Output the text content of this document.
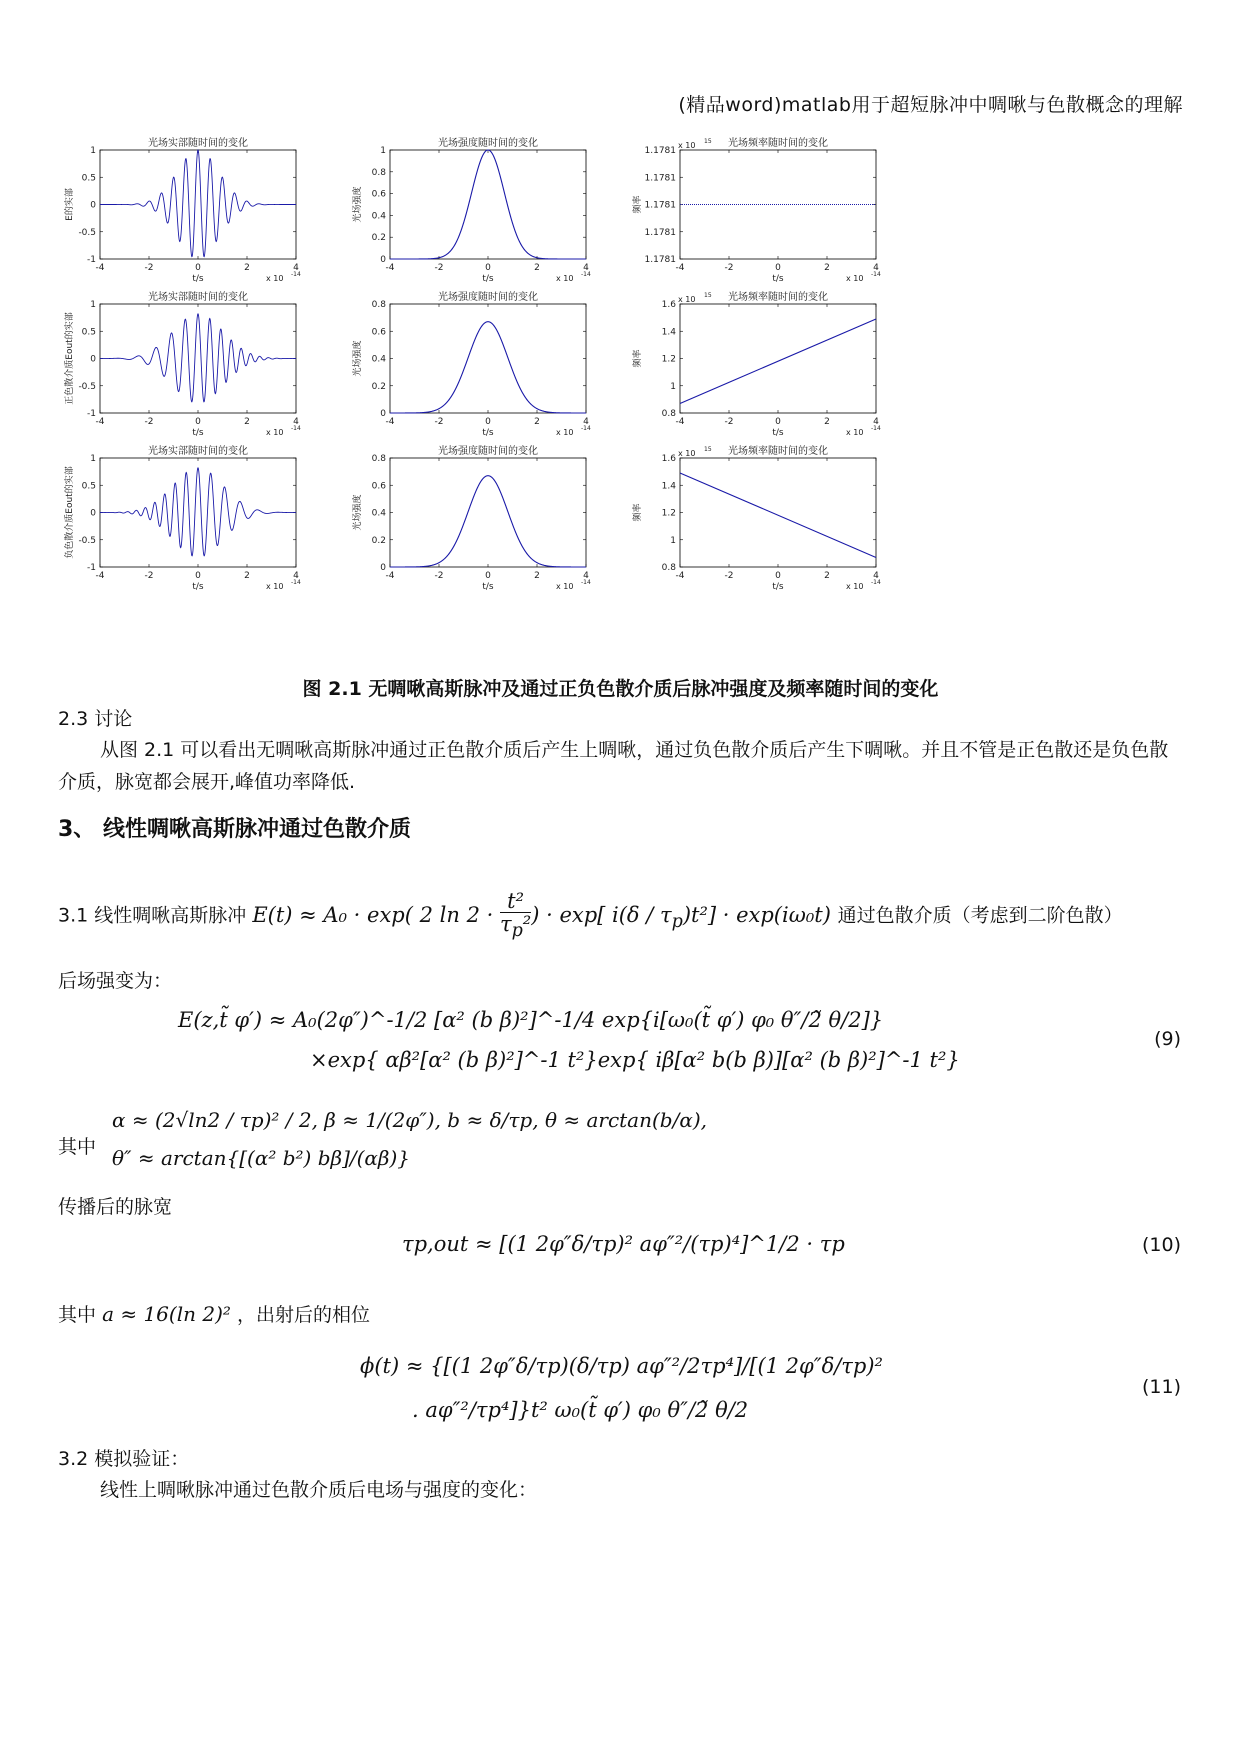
(精品word)matlab用于超短脉冲中啁啾与色散概念的理解
光场实部随时间的变化
-4	-2	0	2	4
t/s	x 10 -14
-1
-0.5
0
0.5
1
E的实部
光场强度随时间的变化
-4	-2	0	2	4
t/s	x 10 -14
0
0.2
0.4
0.6
0.8
1
光场强度
光场频率随时间的变化
-4	-2	0	2	4
t/s	x 10 -14
1.1781
1.1781
1.1781
1.1781
1.1781
x 10 15
频率
光场实部随时间的变化
-4	-2	0	2	4
t/s	x 10 -14
-1
-0.5
0
0.5
1
正色散介质Eout的实部
光场强度随时间的变化
-4	-2	0	2	4
t/s	x 10 -14
0
0.2
0.4
0.6
0.8
光场强度
光场频率随时间的变化
-4	-2	0	2	4
t/s	x 10 -14
0.8
1
1.2
1.4
1.6
x 10 15
频率
光场实部随时间的变化
-4	-2	0	2	4
t/s	x 10 -14
-1
-0.5
0
0.5
1
负色散介质Eout的实部
光场强度随时间的变化
-4	-2	0	2	4
t/s	x 10 -14
0
0.2
0.4
0.6
0.8
光场强度
光场频率随时间的变化
-4	-2	0	2	4
t/s	x 10 -14
0.8
1
1.2
1.4
1.6
x 10 15
频率
图 2.1 无啁啾高斯脉冲及通过正负色散介质后脉冲强度及频率随时间的变化
2.3 讨论
从图 2.1 可以看出无啁啾高斯脉冲通过正色散介质后产生上啁啾，通过负色散介质后产生下啁啾。并且不管是正色散还是负色散介质，脉宽都会展开,峰值功率降低.
3、 线性啁啾高斯脉冲通过色散介质
3.1 线性啁啾高斯脉冲 E(t) ≈ A₀ · exp( 2 $\ln 2 \cdot \frac{\text{t²}}{\tau_p^2}$ ) · exp[ $i(\delta / \tau_p)t^2] \cdot \exp(i\omega_0t)$ 通过色散介质（考虑到二阶色散）
后场强变为：
E(z,t̃ φ′) ≈ A₀(2φ″)^-1/2 [α² (b β)²]^-1/4 exp{i[ω₀(t̃ φ′) φ₀ θ″/2̃ θ/2]}
×exp{ αβ²[α² (b β)²]^-1 t²}exp{ iβ[α² b(b β)][α² (b β)²]^-1 t²}
(9)
其中
α ≈ (2√ln2 / τp)² / 2, β ≈ 1/(2φ″), b ≈ δ/τp, θ ≈ arctan(b/α),
θ″ ≈ arctan{[(α² b²) bβ]/(αβ)}
传播后的脉宽
τp,out ≈ [(1 2φ″δ/τp)² aφ″²/(τp)⁴]^1/2 · τp	(10)
其中 a ≈ 16(ln 2)² ，出射后的相位
ϕ(t) ≈ {[(1 2φ″δ/τp)(δ/τp) aφ″²/2τp⁴]/[(1 2φ″δ/τp)²
. aφ″²/τp⁴]}t² ω₀(t̃ φ′) φ₀ θ″/2̃ θ/2
(11)
3.2 模拟验证：
线性上啁啾脉冲通过色散介质后电场与强度的变化：
